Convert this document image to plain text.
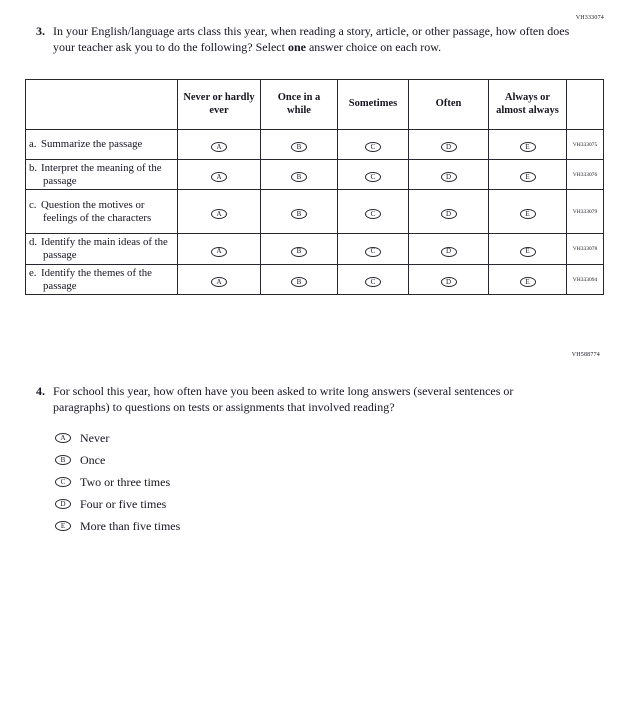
VH333074
3. In your English/language arts class this year, when reading a story, article, or other passage, how often does your teacher ask you to do the following? Select one answer choice on each row.
	Never or hardly ever	Once in a while	Sometimes	Often	Always or almost always	

a. Summarize the passage	A	B	C	D	E	VH333075

b. Interpret the meaning of the passage	A	B	C	D	E	VH333076

c. Question the motives or feelings of the characters	A	B	C	D	E	VH333079

d. Identify the main ideas of the passage	A	B	C	D	E	VH333078

e. Identify the themes of the passage	A	B	C	D	E	VH333094
VH588774
4. For school this year, how often have you been asked to write long answers (several sentences or paragraphs) to questions on tests or assignments that involved reading?
A	Never
B	Once
C	Two or three times
D	Four or five times
E	More than five times
